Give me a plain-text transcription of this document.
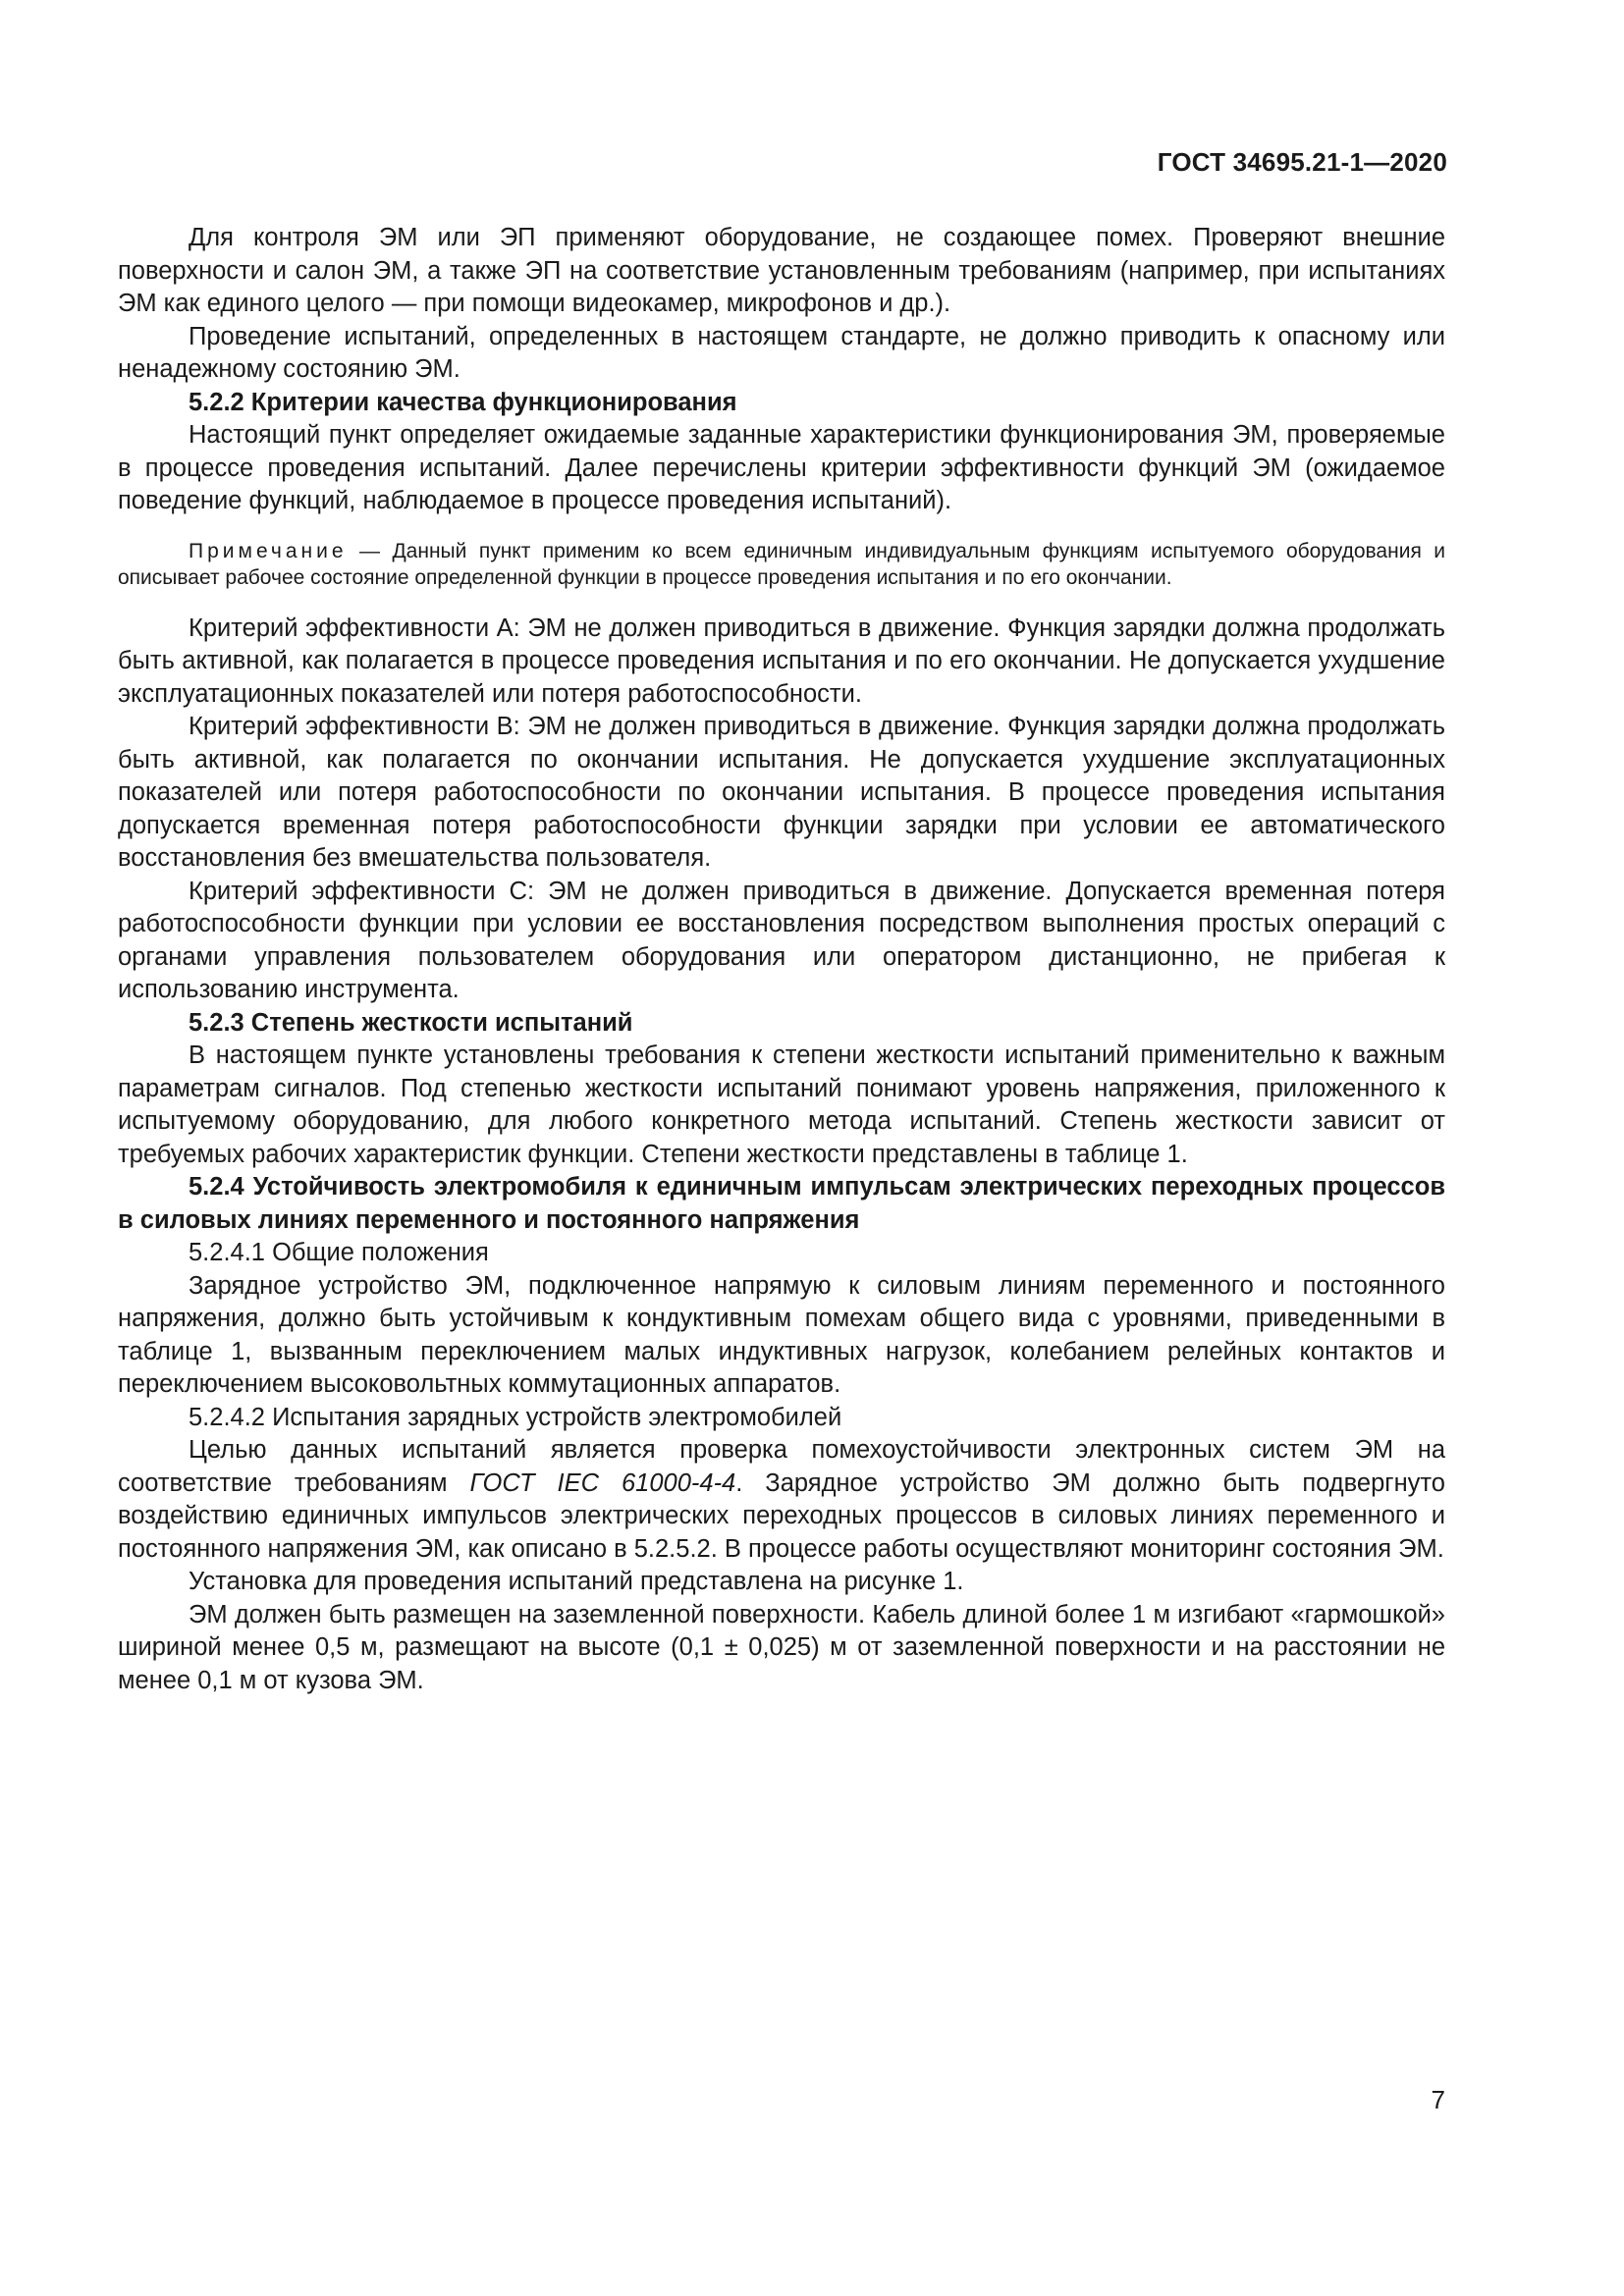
ГОСТ 34695.21-1—2020

Для контроля ЭМ или ЭП применяют оборудование, не создающее помех. Проверяют внешние поверхности и салон ЭМ, а также ЭП на соответствие установленным требованиям (например, при испытаниях ЭМ как единого целого — при помощи видеокамер, микрофонов и др.).

Проведение испытаний, определенных в настоящем стандарте, не должно приводить к опасному или ненадежному состоянию ЭМ.

5.2.2 Критерии качества функционирования

Настоящий пункт определяет ожидаемые заданные характеристики функционирования ЭМ, проверяемые в процессе проведения испытаний. Далее перечислены критерии эффективности функций ЭМ (ожидаемое поведение функций, наблюдаемое в процессе проведения испытаний).

Примечание — Данный пункт применим ко всем единичным индивидуальным функциям испытуемого оборудования и описывает рабочее состояние определенной функции в процессе проведения испытания и по его окончании.

Критерий эффективности А: ЭМ не должен приводиться в движение. Функция зарядки должна продолжать быть активной, как полагается в процессе проведения испытания и по его окончании. Не допускается ухудшение эксплуатационных показателей или потеря работоспособности.

Критерий эффективности В: ЭМ не должен приводиться в движение. Функция зарядки должна продолжать быть активной, как полагается по окончании испытания. Не допускается ухудшение эксплуатационных показателей или потеря работоспособности по окончании испытания. В процессе проведения испытания допускается временная потеря работоспособности функции зарядки при условии ее автоматического восстановления без вмешательства пользователя.

Критерий эффективности С: ЭМ не должен приводиться в движение. Допускается временная потеря работоспособности функции при условии ее восстановления посредством выполнения простых операций с органами управления пользователем оборудования или оператором дистанционно, не прибегая к использованию инструмента.

5.2.3 Степень жесткости испытаний

В настоящем пункте установлены требования к степени жесткости испытаний применительно к важным параметрам сигналов. Под степенью жесткости испытаний понимают уровень напряжения, приложенного к испытуемому оборудованию, для любого конкретного метода испытаний. Степень жесткости зависит от требуемых рабочих характеристик функции. Степени жесткости представлены в таблице 1.

5.2.4 Устойчивость электромобиля к единичным импульсам электрических переходных процессов в силовых линиях переменного и постоянного напряжения

5.2.4.1 Общие положения

Зарядное устройство ЭМ, подключенное напрямую к силовым линиям переменного и постоянного напряжения, должно быть устойчивым к кондуктивным помехам общего вида с уровнями, приведенными в таблице 1, вызванным переключением малых индуктивных нагрузок, колебанием релейных контактов и переключением высоковольтных коммутационных аппаратов.

5.2.4.2 Испытания зарядных устройств электромобилей

Целью данных испытаний является проверка помехоустойчивости электронных систем ЭМ на соответствие требованиям ГОСТ IEC 61000-4-4. Зарядное устройство ЭМ должно быть подвергнуто воздействию единичных импульсов электрических переходных процессов в силовых линиях переменного и постоянного напряжения ЭМ, как описано в 5.2.5.2. В процессе работы осуществляют мониторинг состояния ЭМ.

Установка для проведения испытаний представлена на рисунке 1.

ЭМ должен быть размещен на заземленной поверхности. Кабель длиной более 1 м изгибают «гармошкой» шириной менее 0,5 м, размещают на высоте (0,1 ± 0,025) м от заземленной поверхности и на расстоянии не менее 0,1 м от кузова ЭМ.

7
